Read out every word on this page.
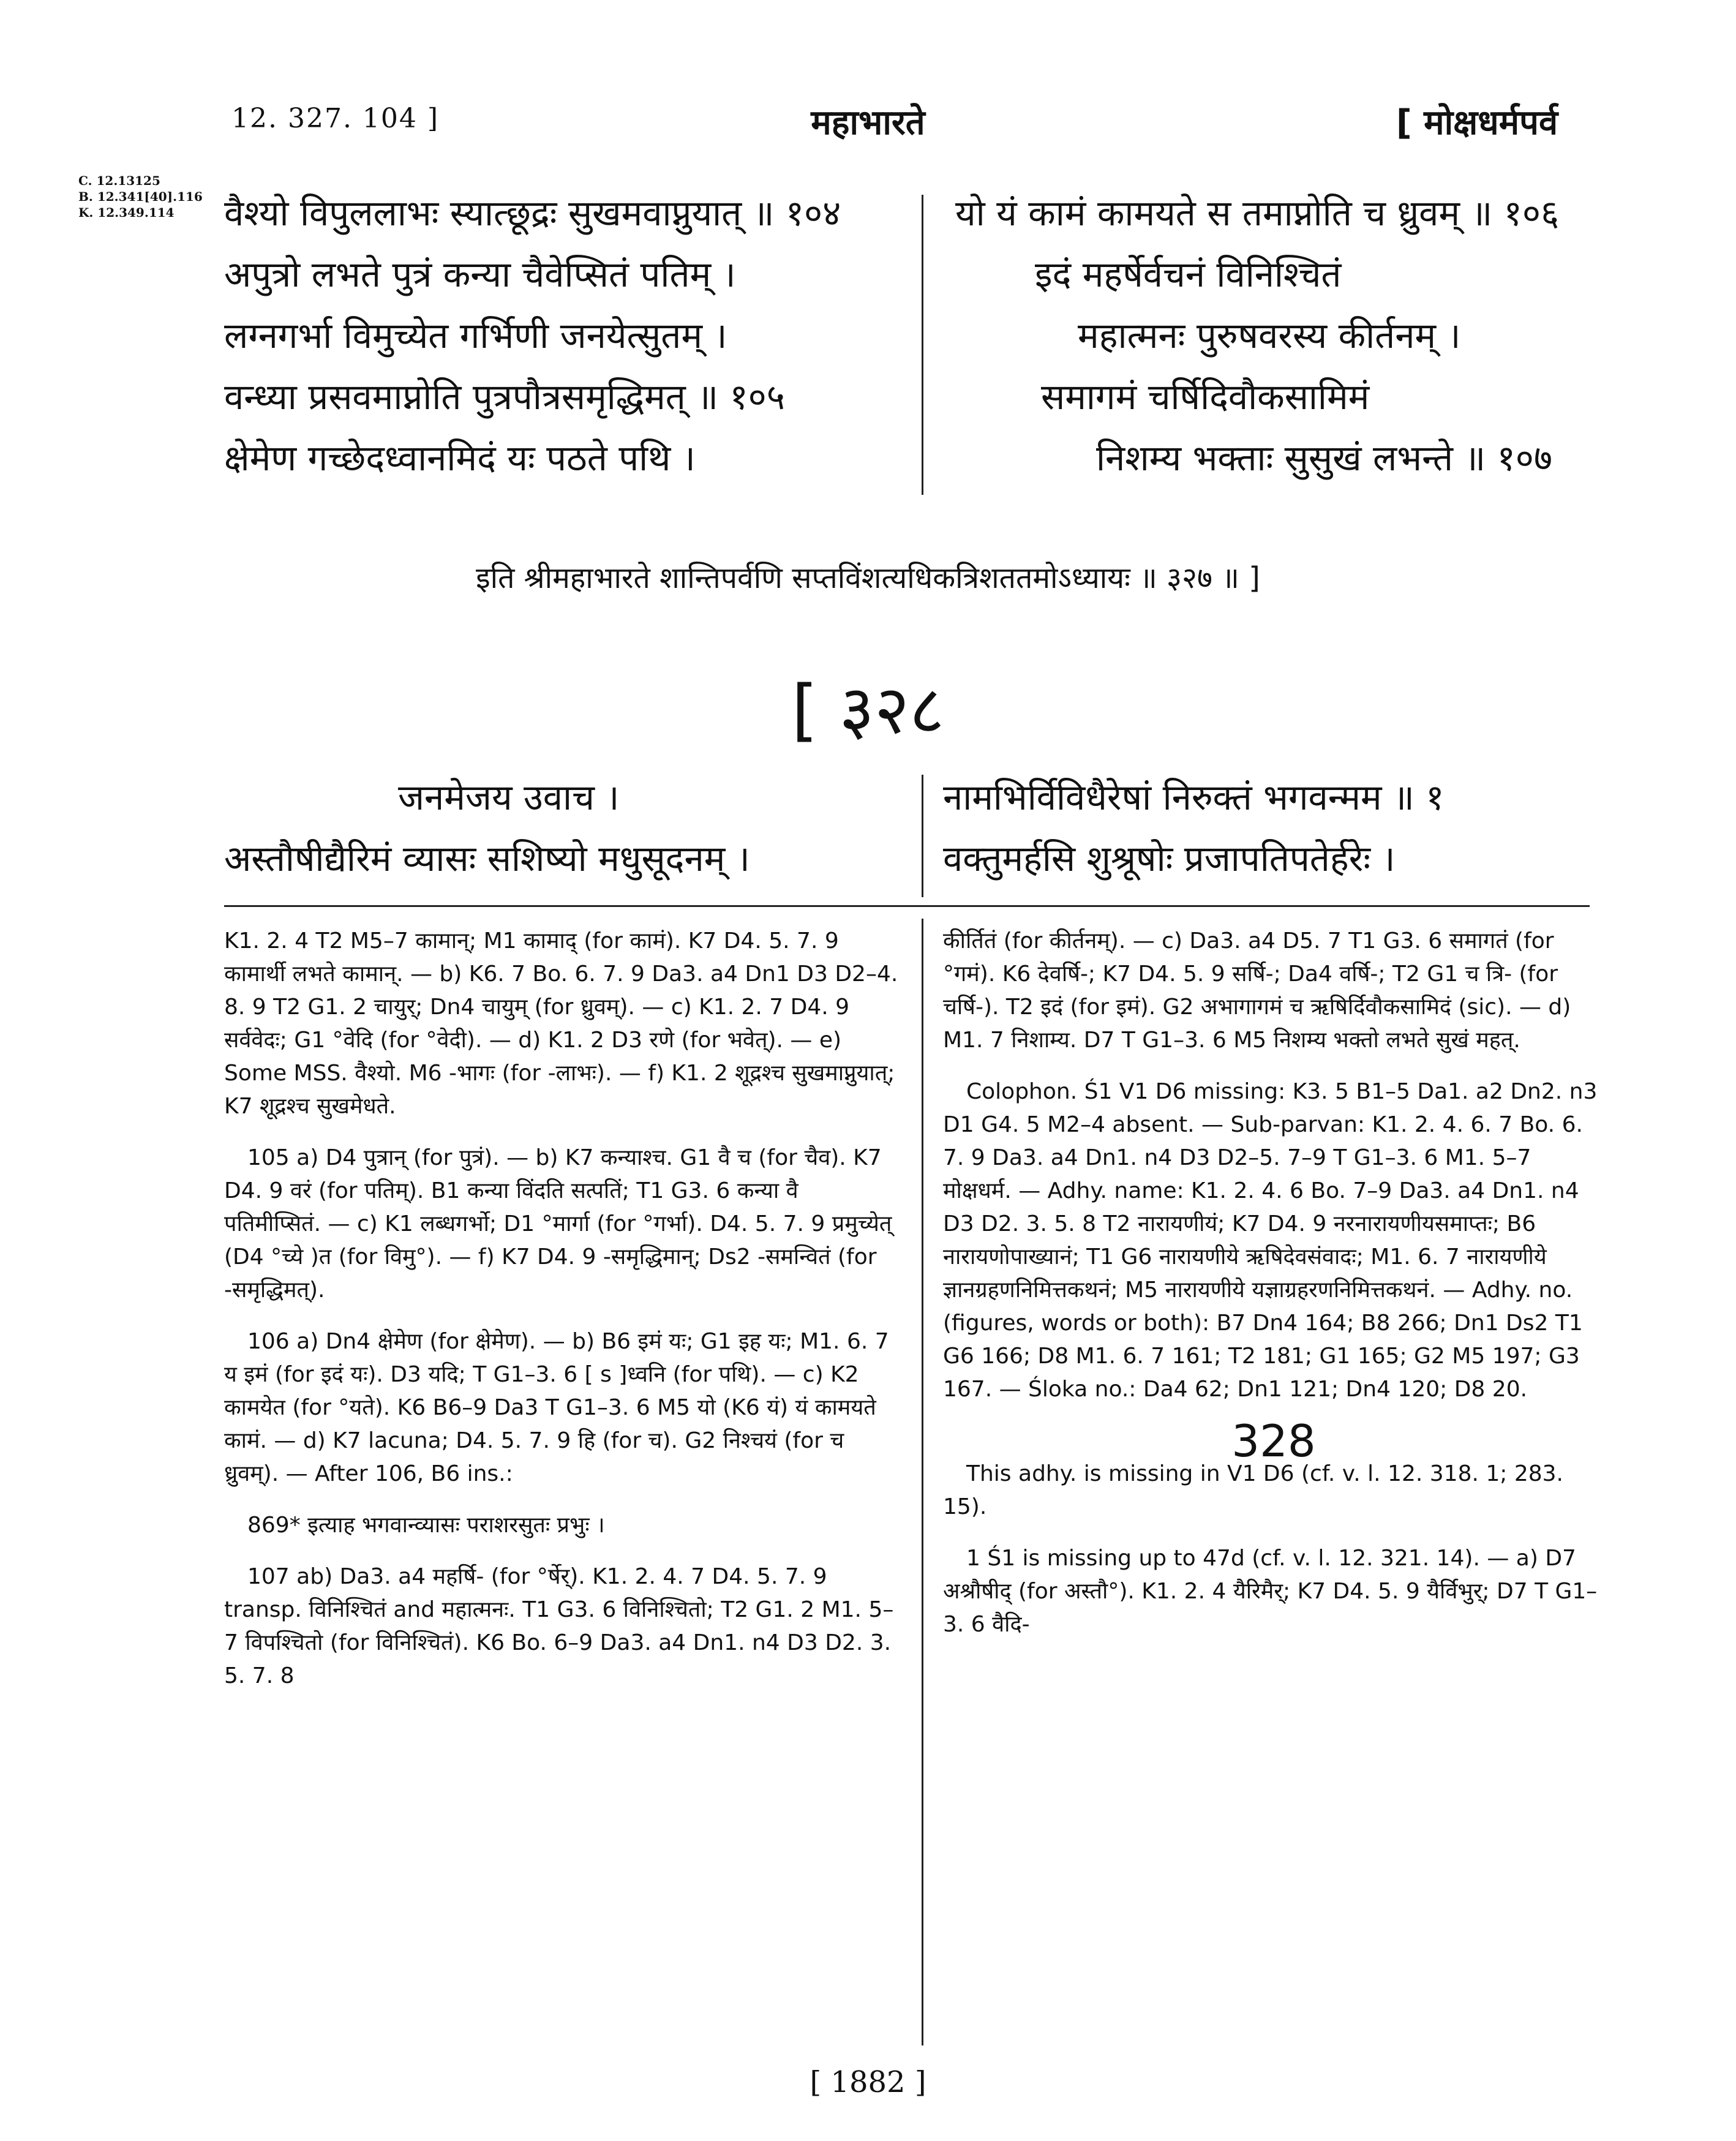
12. 327. 104 ]	महाभारते	[ मोक्षधर्मपर्व
C. 12.13125
B. 12.341[40].116
K. 12.349.114	वैश्यो विपुललाभः स्यात्छूद्रः सुखमवाप्नुयात् ॥ १०४
अपुत्रो लभते पुत्रं कन्या चैवेप्सितं पतिम् ।
लग्नगर्भा विमुच्येत गर्भिणी जनयेत्सुतम् ।
वन्ध्या प्रसवमाप्नोति पुत्रपौत्रसमृद्धिमत् ॥ १०५
क्षेमेण गच्छेदध्वानमिदं यः पठते पथि ।
यो यं कामं कामयते स तमाप्नोति च ध्रुवम् ॥ १०६
इदं महर्षेर्वचनं विनिश्चितं
महात्मनः पुरुषवरस्य कीर्तनम् ।
समागमं चर्षिदिवौकसामिमं
निशम्य भक्ताः सुसुखं लभन्ते ॥ १०७
इति श्रीमहाभारते शान्तिपर्वणि सप्तविंशत्यधिकत्रिशततमोऽध्यायः ॥ ३२७ ॥ ]
[ ३२८
जनमेजय उवाच ।
अस्तौषीद्यैरिमं व्यासः सशिष्यो मधुसूदनम् ।
नामभिर्विविधैरेषां निरुक्तं भगवन्मम ॥ १
वक्तुमर्हसि शुश्रूषोः प्रजापतिपतेर्हरेः ।

K1. 2. 4 T2 M5–7 कामान्; M1 कामाद् (for कामं). K7 D4. 5. 7. 9 कामार्थी लभते कामान्. — b) K6. 7 Bo. 6. 7. 9 Da3. a4 Dn1 D3 D2–4. 8. 9 T2 G1. 2 चायुर्; Dn4 चायुम् (for ध्रुवम्). — c) K1. 2. 7 D4. 9 सर्ववेदः; G1 °वेदि (for °वेदी). — d) K1. 2 D3 रणे (for भवेत्). — e) Some MSS. वैश्यो. M6 -भागः (for -लाभः). — f) K1. 2 शूद्रश्च सुखमाप्नुयात्; K7 शूद्रश्च सुखमेधते.

105 a) D4 पुत्रान् (for पुत्रं). — b) K7 कन्याश्च. G1 वै च (for चैव). K7 D4. 9 वरं (for पतिम्). B1 कन्या विंदति सत्पतिं; T1 G3. 6 कन्या वै पतिमीप्सितं. — c) K1 लब्धगर्भो; D1 °मार्गा (for °गर्भा). D4. 5. 7. 9 प्रमुच्येत् (D4 °च्ये )त (for विमु°). — f) K7 D4. 9 -समृद्धिमान्; Ds2 -समन्वितं (for -समृद्धिमत्).

106 a) Dn4 क्षेमेण (for क्षेमेण). — b) B6 इमं यः; G1 इह यः; M1. 6. 7 य इमं (for इदं यः). D3 यदि; T G1–3. 6 [ s ]ध्वनि (for पथि). — c) K2 कामयेत (for °यते). K6 B6–9 Da3 T G1–3. 6 M5 यो (K6 यं) यं कामयते कामं. — d) K7 lacuna; D4. 5. 7. 9 हि (for च). G2 निश्चयं (for च ध्रुवम्). — After 106, B6 ins.:

869* इत्याह भगवान्व्यासः पराशरसुतः प्रभुः ।

107 ab) Da3. a4 महर्षि- (for °र्षेर्). K1. 2. 4. 7 D4. 5. 7. 9 transp. विनिश्चितं and महात्मनः. T1 G3. 6 विनिश्चितो; T2 G1. 2 M1. 5–7 विपश्चितो (for विनिश्चितं). K6 Bo. 6–9 Da3. a4 Dn1. n4 D3 D2. 3. 5. 7. 8

कीर्तितं (for कीर्तनम्). — c) Da3. a4 D5. 7 T1 G3. 6 समागतं (for °गमं). K6 देवर्षि-; K7 D4. 5. 9 सर्षि-; Da4 वर्षि-; T2 G1 च त्रि- (for चर्षि-). T2 इदं (for इमं). G2 अभागागमं च ऋषिर्दिवौकसामिदं (sic). — d) M1. 7 निशाम्य. D7 T G1–3. 6 M5 निशम्य भक्तो लभते सुखं महत्.

Colophon. Ś1 V1 D6 missing: K3. 5 B1–5 Da1. a2 Dn2. n3 D1 G4. 5 M2–4 absent. — Sub-parvan: K1. 2. 4. 6. 7 Bo. 6. 7. 9 Da3. a4 Dn1. n4 D3 D2–5. 7–9 T G1–3. 6 M1. 5–7 मोक्षधर्म. — Adhy. name: K1. 2. 4. 6 Bo. 7–9 Da3. a4 Dn1. n4 D3 D2. 3. 5. 8 T2 नारायणीयं; K7 D4. 9 नरनारायणीयसमाप्तः; B6 नारायणोपाख्यानं; T1 G6 नारायणीये ऋषिदेवसंवादः; M1. 6. 7 नारायणीये ज्ञानग्रहणनिमित्तकथनं; M5 नारायणीये यज्ञाग्रहरणनिमित्तकथनं. — Adhy. no. (figures, words or both): B7 Dn4 164; B8 266; Dn1 Ds2 T1 G6 166; D8 M1. 6. 7 161; T2 181; G1 165; G2 M5 197; G3 167. — Śloka no.: Da4 62; Dn1 121; Dn4 120; D8 20.

328

This adhy. is missing in V1 D6 (cf. v. l. 12. 318. 1; 283. 15).

1 Ś1 is missing up to 47d (cf. v. l. 12. 321. 14). — a) D7 अश्रौषीद् (for अस्तौ°). K1. 2. 4 यैरिमैर्; K7 D4. 5. 9 यैर्विभुर्; D7 T G1–3. 6 वैदि-

[ 1882 ]
